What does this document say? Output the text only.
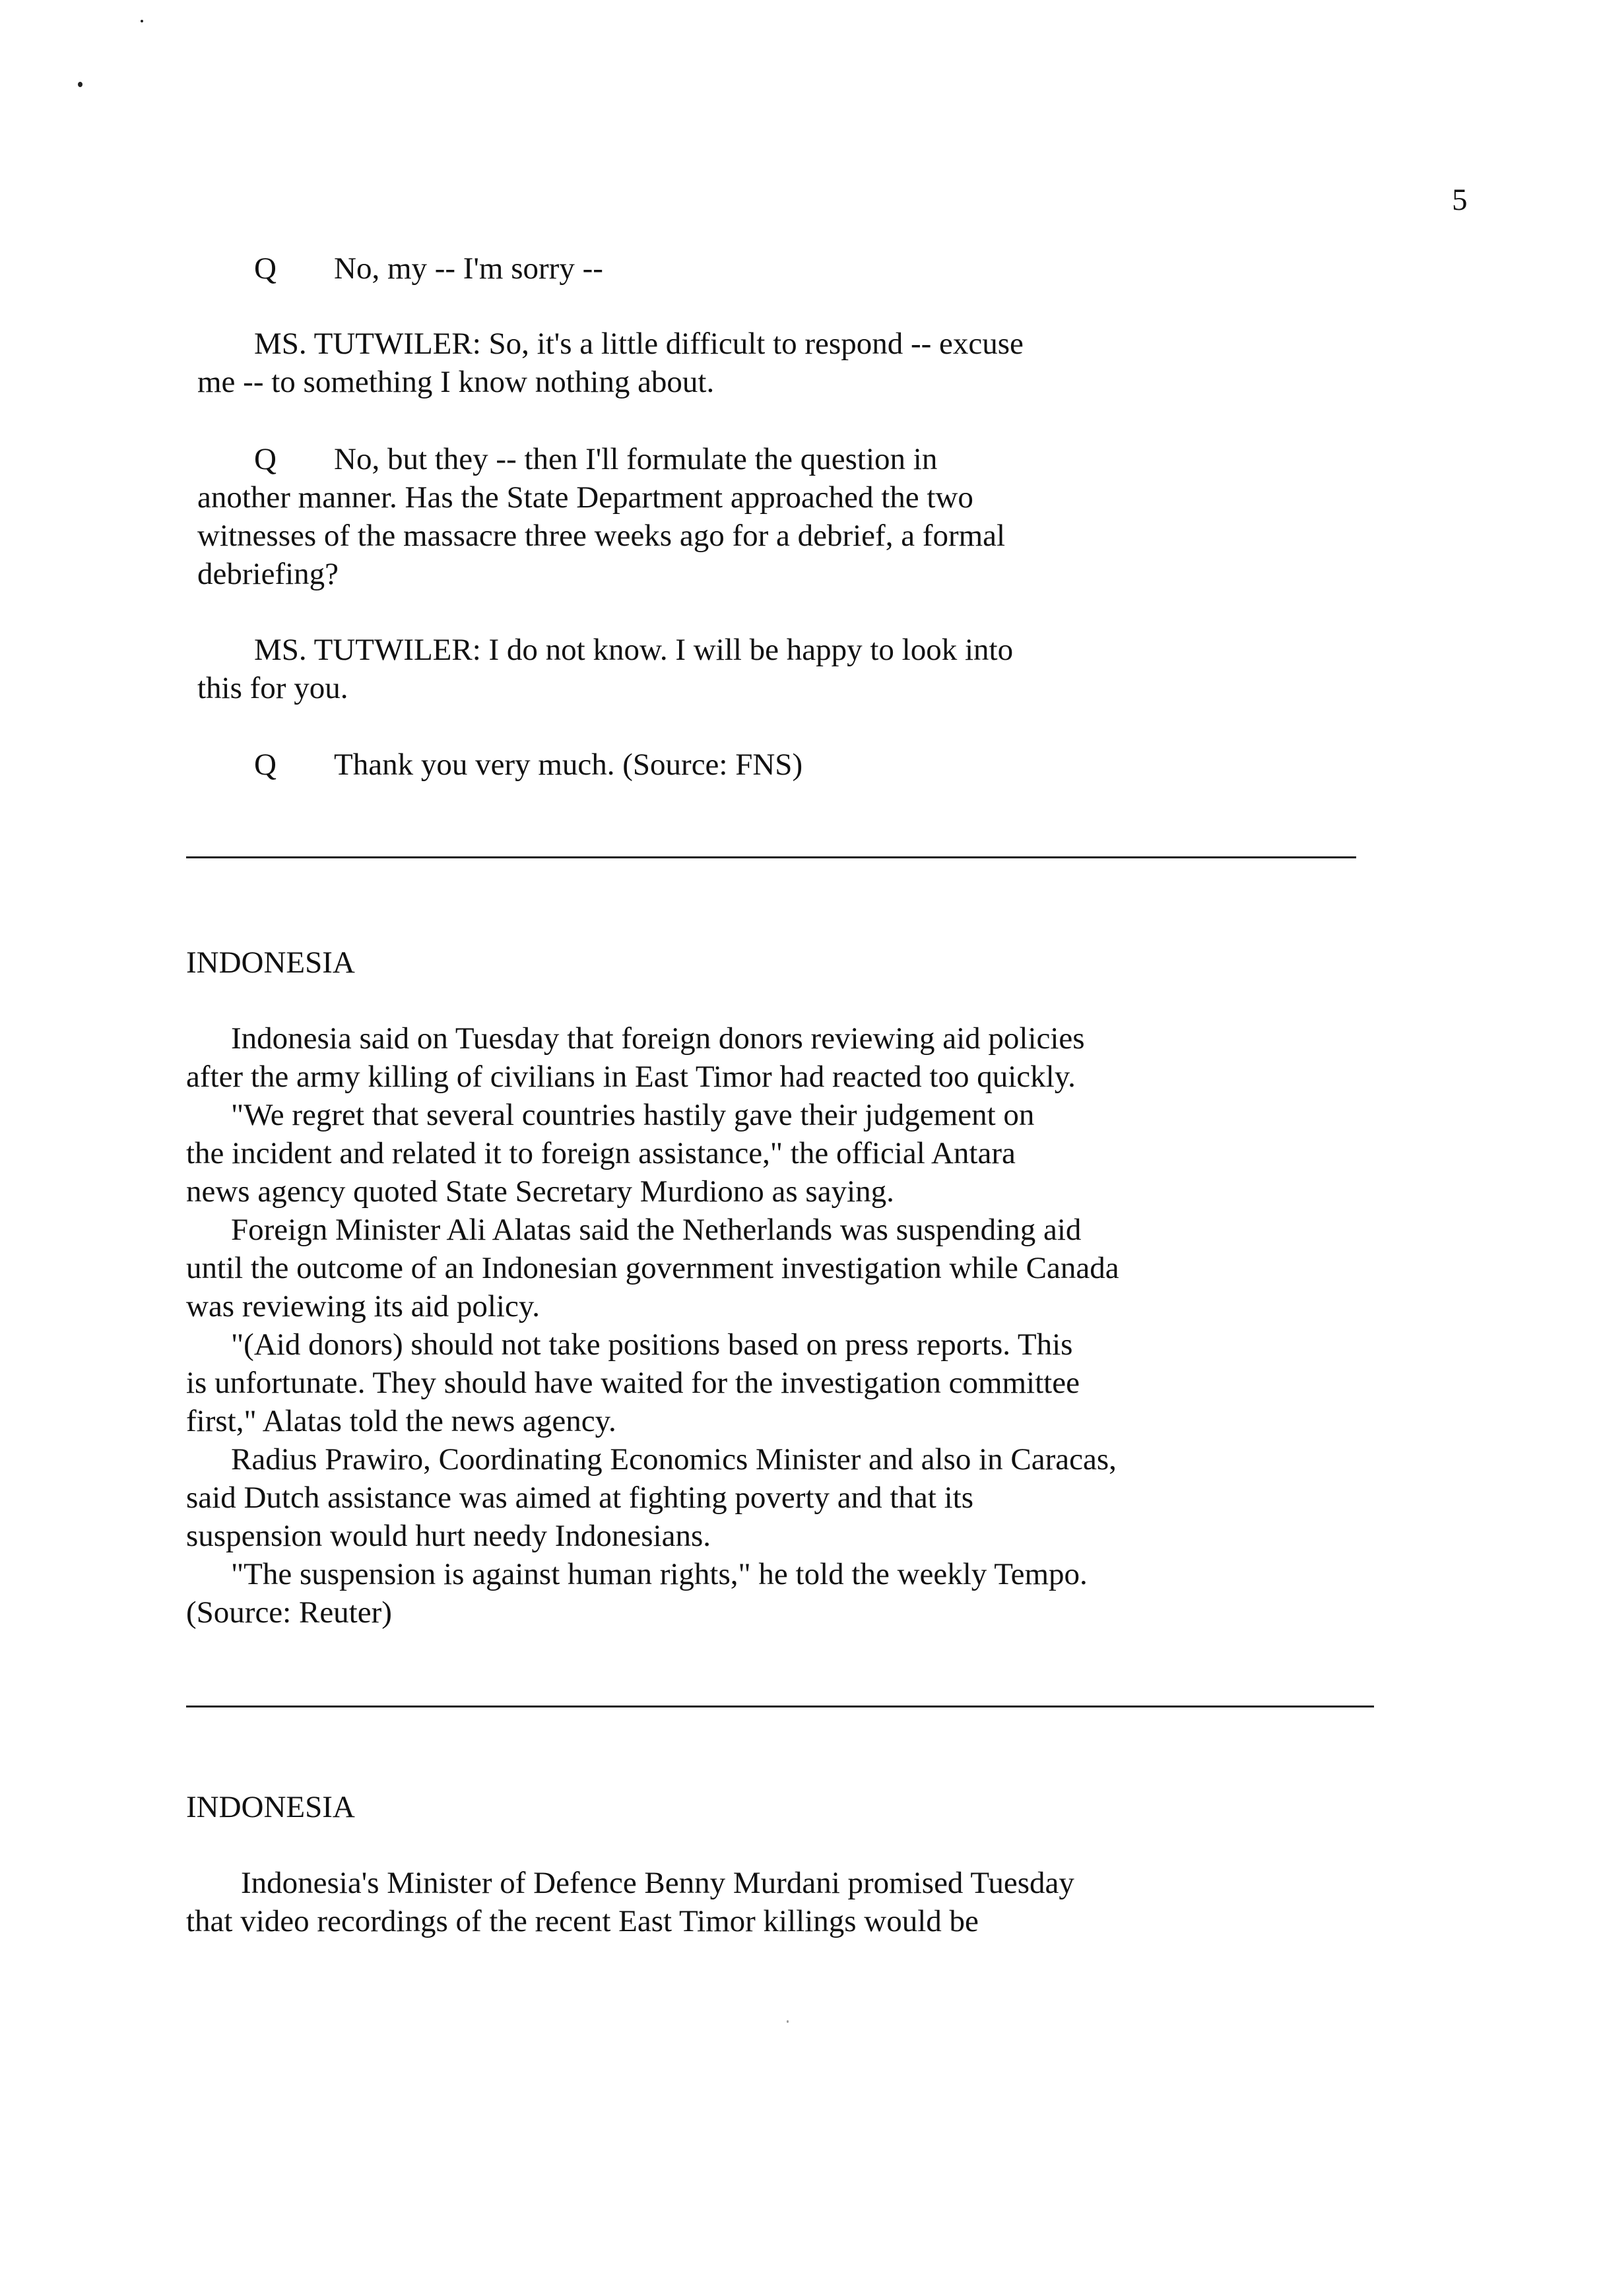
5
Q No, my -- I'm sorry --
MS. TUTWILER: So, it's a little difficult to respond -- excuse
me -- to something I know nothing about.
Q No, but they -- then I'll formulate the question in
another manner. Has the State Department approached the two
witnesses of the massacre three weeks ago for a debrief, a formal
debriefing?
MS. TUTWILER: I do not know. I will be happy to look into
this for you.
Q Thank you very much. (Source: FNS)
INDONESIA
Indonesia said on Tuesday that foreign donors reviewing aid policies
after the army killing of civilians in East Timor had reacted too quickly.
"We regret that several countries hastily gave their judgement on
the incident and related it to foreign assistance," the official Antara
news agency quoted State Secretary Murdiono as saying.
Foreign Minister Ali Alatas said the Netherlands was suspending aid
until the outcome of an Indonesian government investigation while Canada
was reviewing its aid policy.
"(Aid donors) should not take positions based on press reports. This
is unfortunate. They should have waited for the investigation committee
first," Alatas told the news agency.
Radius Prawiro, Coordinating Economics Minister and also in Caracas,
said Dutch assistance was aimed at fighting poverty and that its
suspension would hurt needy Indonesians.
"The suspension is against human rights," he told the weekly Tempo.
(Source: Reuter)
INDONESIA
Indonesia's Minister of Defence Benny Murdani promised Tuesday
that video recordings of the recent East Timor killings would be
